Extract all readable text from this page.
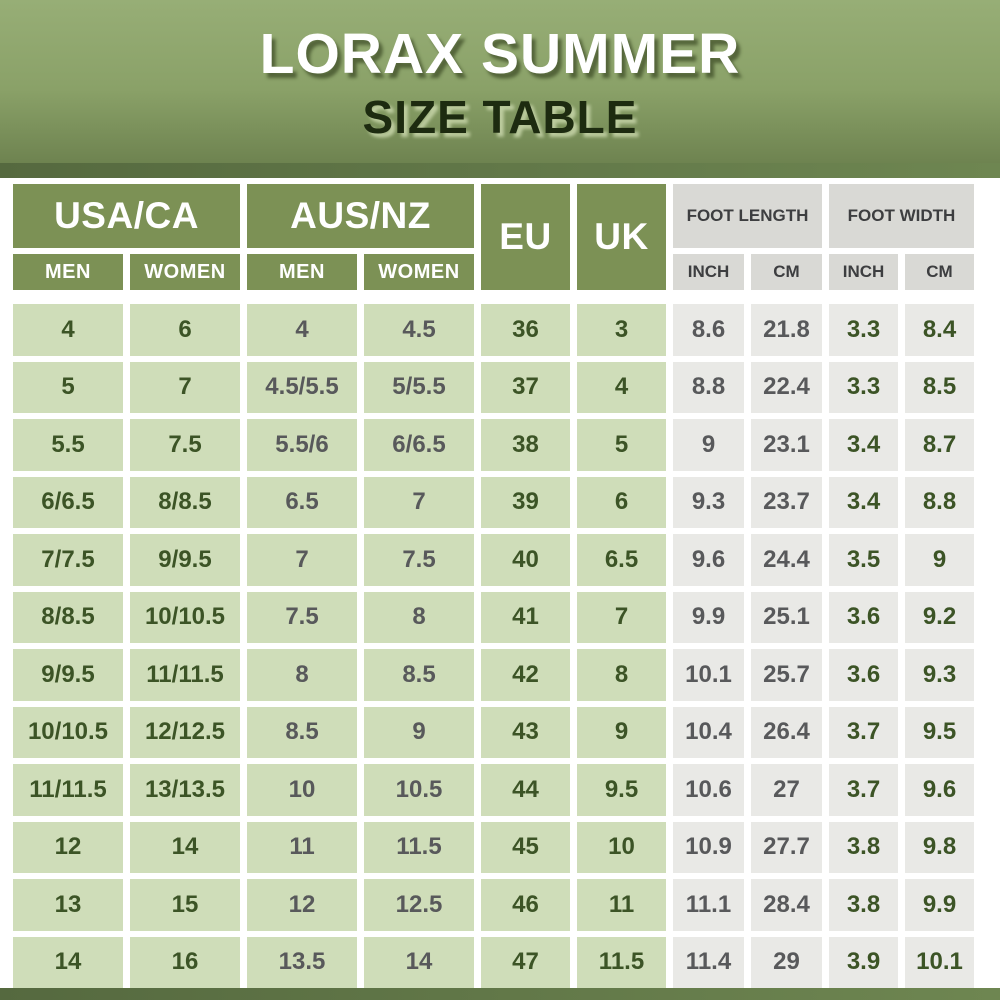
LORAX SUMMER
SIZE TABLE
USA/CA	AUS/NZ
EU	UK
FOOT LENGTH	FOOT WIDTH
MEN	WOMEN	MEN	WOMEN	INCH	CM	INCH	CM
4	6	4	4.5	36	3	8.6	21.8	3.3	8.4
5	7	4.5/5.5	5/5.5	37	4	8.8	22.4	3.3	8.5
5.5	7.5	5.5/6	6/6.5	38	5	9	23.1	3.4	8.7
6/6.5	8/8.5	6.5	7	39	6	9.3	23.7	3.4	8.8
7/7.5	9/9.5	7	7.5	40	6.5	9.6	24.4	3.5	9
8/8.5	10/10.5	7.5	8	41	7	9.9	25.1	3.6	9.2
9/9.5	11/11.5	8	8.5	42	8	10.1	25.7	3.6	9.3
10/10.5	12/12.5	8.5	9	43	9	10.4	26.4	3.7	9.5
11/11.5	13/13.5	10	10.5	44	9.5	10.6	27	3.7	9.6
12	14	11	11.5	45	10	10.9	27.7	3.8	9.8
13	15	12	12.5	46	11	11.1	28.4	3.8	9.9
14	16	13.5	14	47	11.5	11.4	29	3.9	10.1
